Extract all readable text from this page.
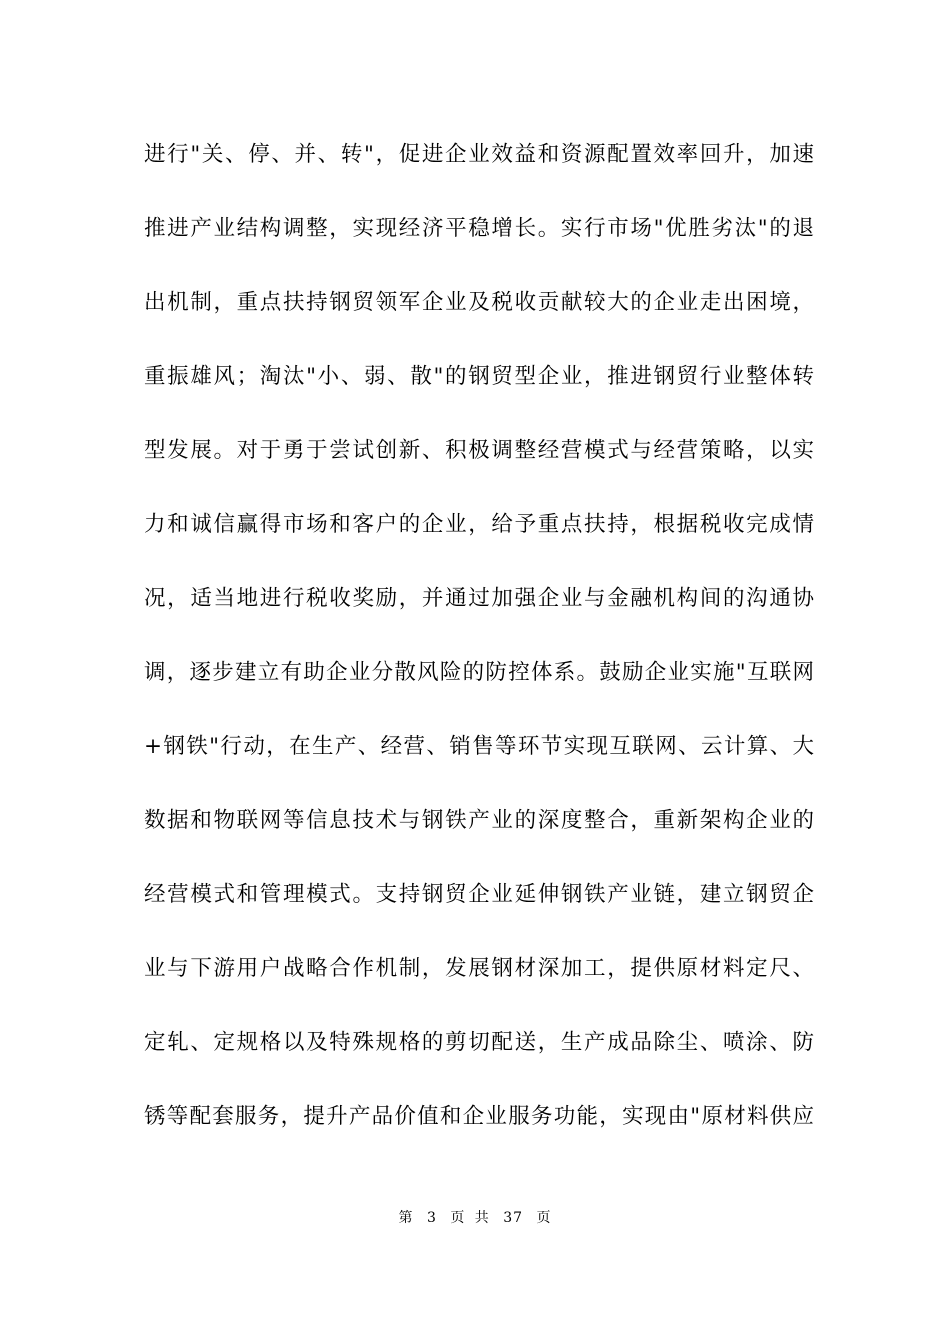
进行"关、停、并、转"，促进企业效益和资源配置效率回升，加速
推进产业结构调整，实现经济平稳增长。实行市场"优胜劣汰"的退
出机制，重点扶持钢贸领军企业及税收贡献较大的企业走出困境，
重振雄风；淘汰"小、弱、散"的钢贸型企业，推进钢贸行业整体转
型发展。对于勇于尝试创新、积极调整经营模式与经营策略，以实
力和诚信赢得市场和客户的企业，给予重点扶持，根据税收完成情
况，适当地进行税收奖励，并通过加强企业与金融机构间的沟通协
调，逐步建立有助企业分散风险的防控体系。鼓励企业实施"互联网
+钢铁"行动，在生产、经营、销售等环节实现互联网、云计算、大
数据和物联网等信息技术与钢铁产业的深度整合，重新架构企业的
经营模式和管理模式。支持钢贸企业延伸钢铁产业链，建立钢贸企
业与下游用户战略合作机制，发展钢材深加工，提供原材料定尺、
定轧、定规格以及特殊规格的剪切配送，生产成品除尘、喷涂、防
锈等配套服务，提升产品价值和企业服务功能，实现由"原材料供应
第 3 页 共 37 页
